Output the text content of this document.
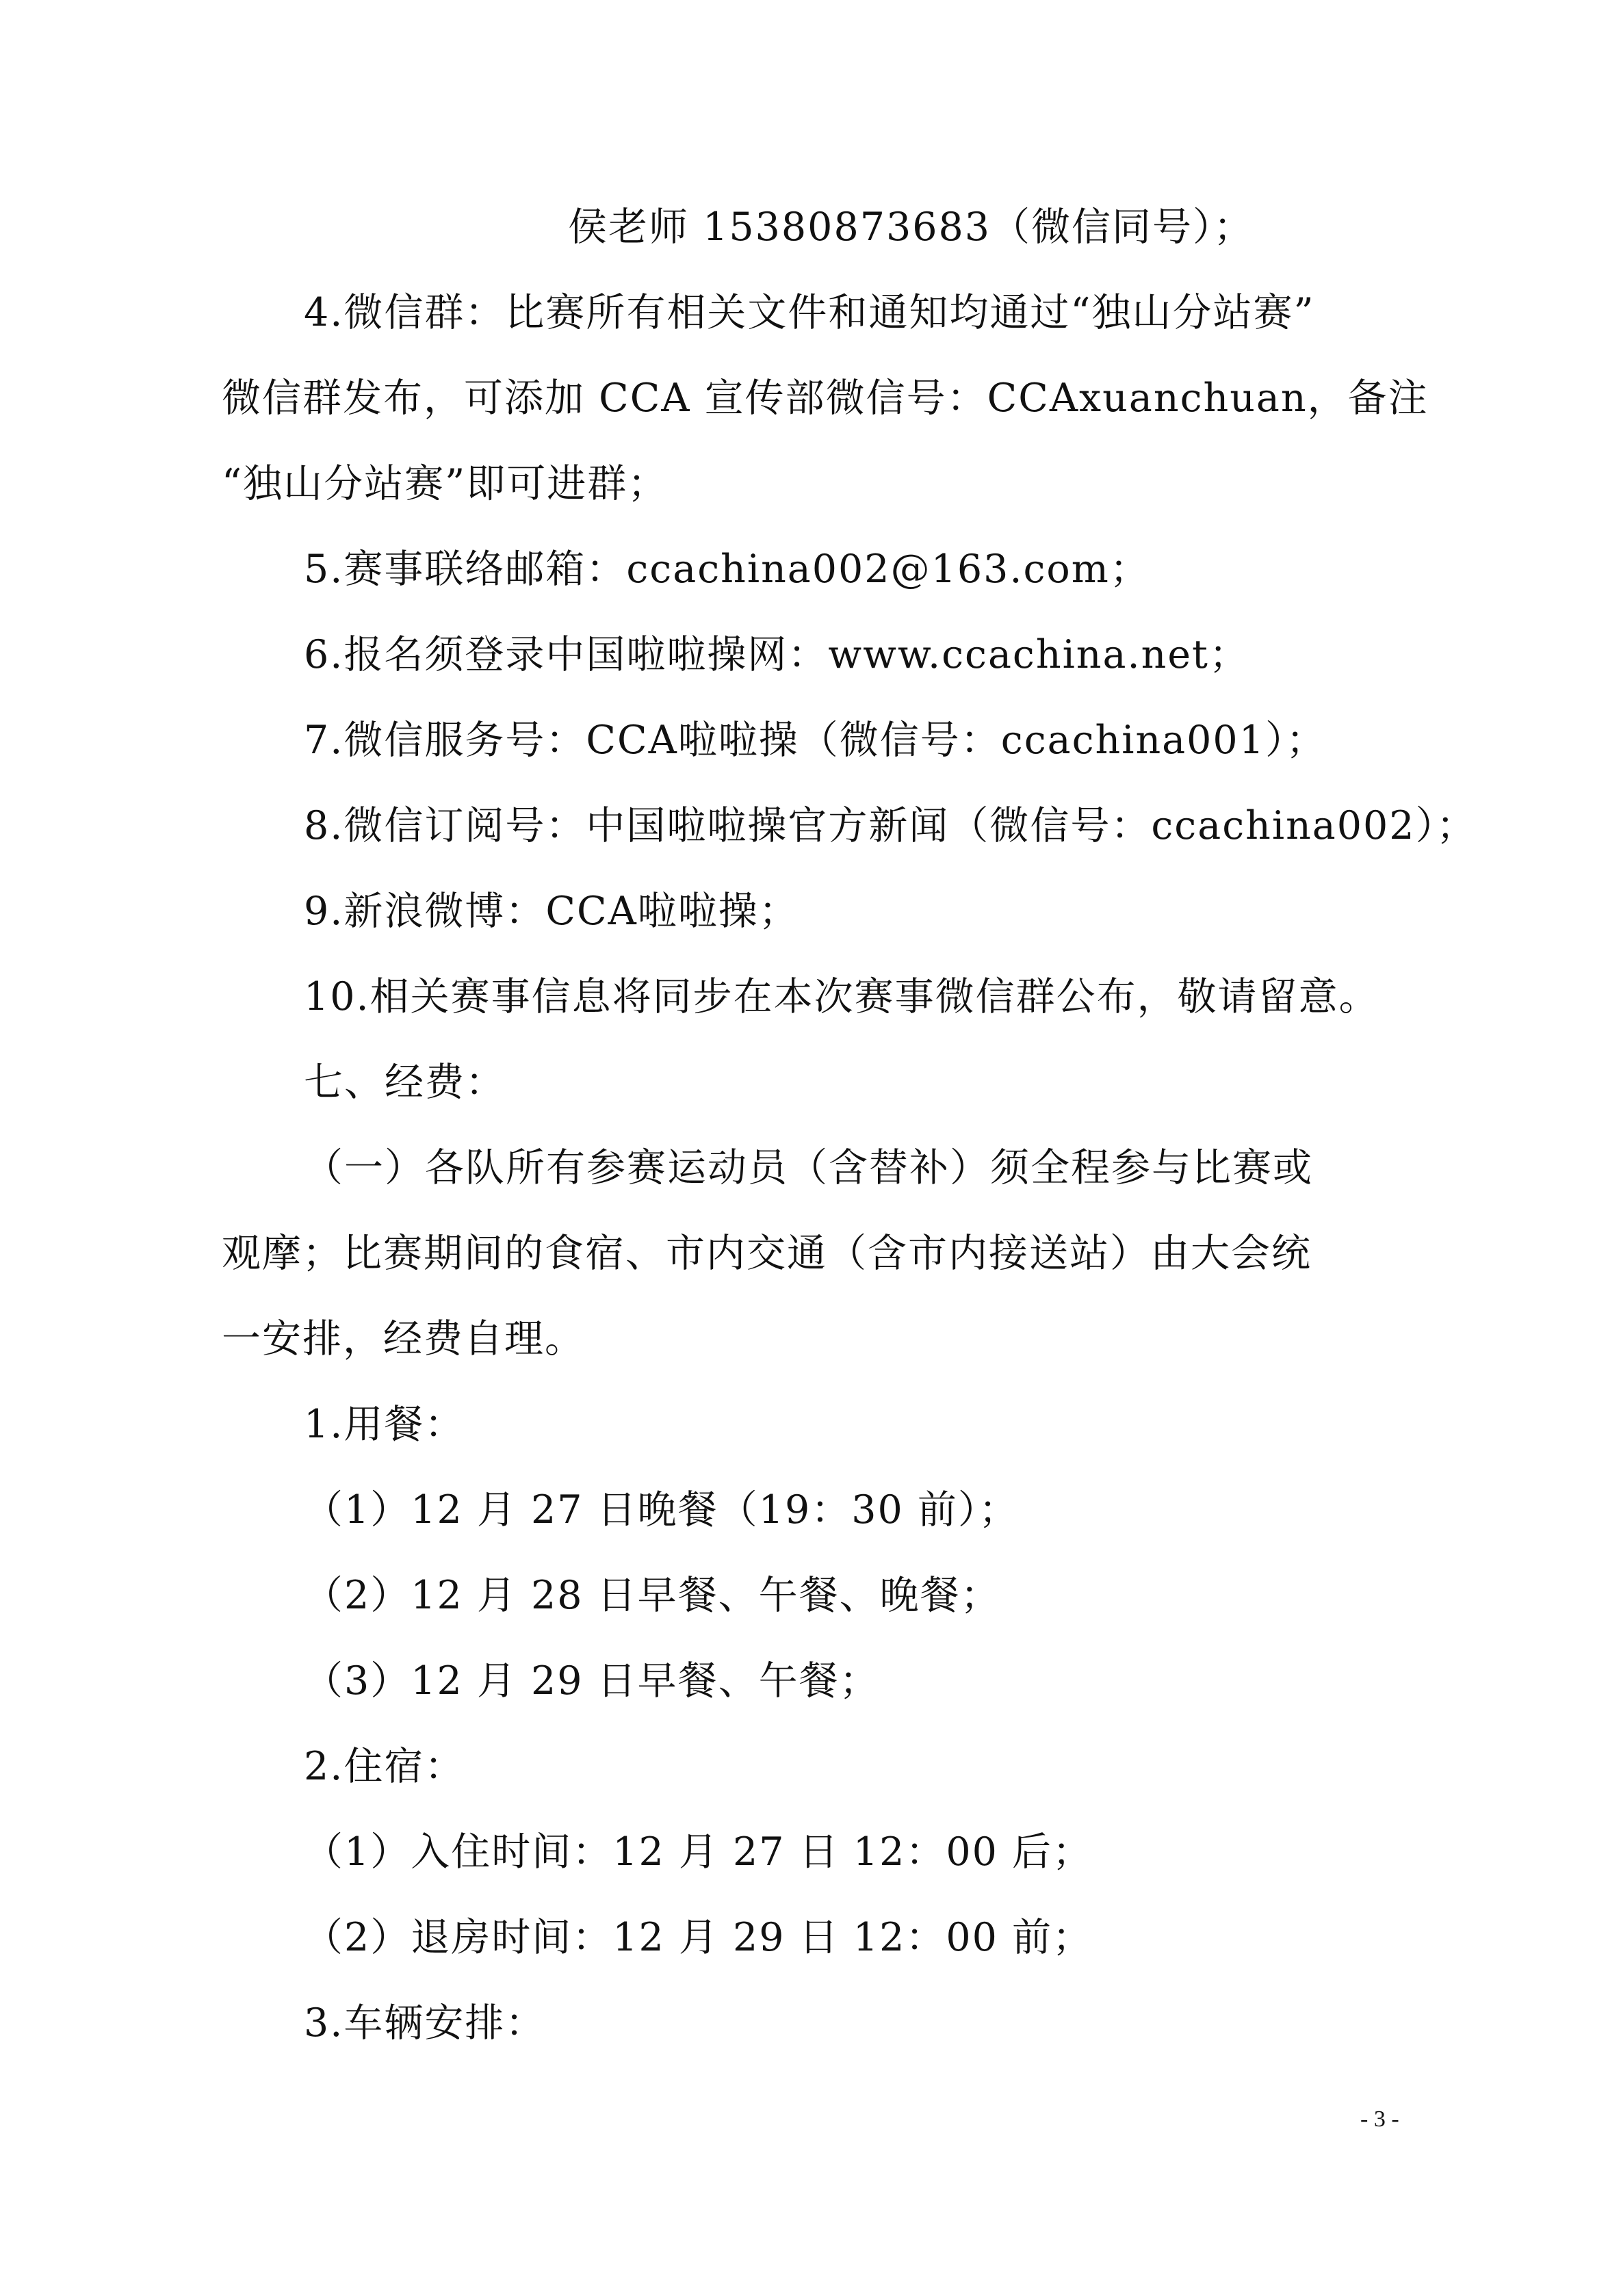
侯老师 15380873683（微信同号）；
4.微信群：比赛所有相关文件和通知均通过“独山分站赛”
微信群发布，可添加 CCA 宣传部微信号：CCAxuanchuan，备注
“独山分站赛”即可进群；
5.赛事联络邮箱：ccachina002@163.com；
6.报名须登录中国啦啦操网：www.ccachina.net；
7.微信服务号：CCA啦啦操（微信号：ccachina001）；
8.微信订阅号：中国啦啦操官方新闻（微信号：ccachina002）；
9.新浪微博：CCA啦啦操；
10.相关赛事信息将同步在本次赛事微信群公布，敬请留意。
七、经费：
（一）各队所有参赛运动员（含替补）须全程参与比赛或
观摩；比赛期间的食宿、市内交通（含市内接送站）由大会统
一安排，经费自理。
1.用餐：
（1）12 月 27 日晚餐（19：30 前）；
（2）12 月 28 日早餐、午餐、晚餐；
（3）12 月 29 日早餐、午餐；
2.住宿：
（1）入住时间：12 月 27 日 12：00 后；
（2）退房时间：12 月 29 日 12：00 前；
3.车辆安排：
- 3 -
